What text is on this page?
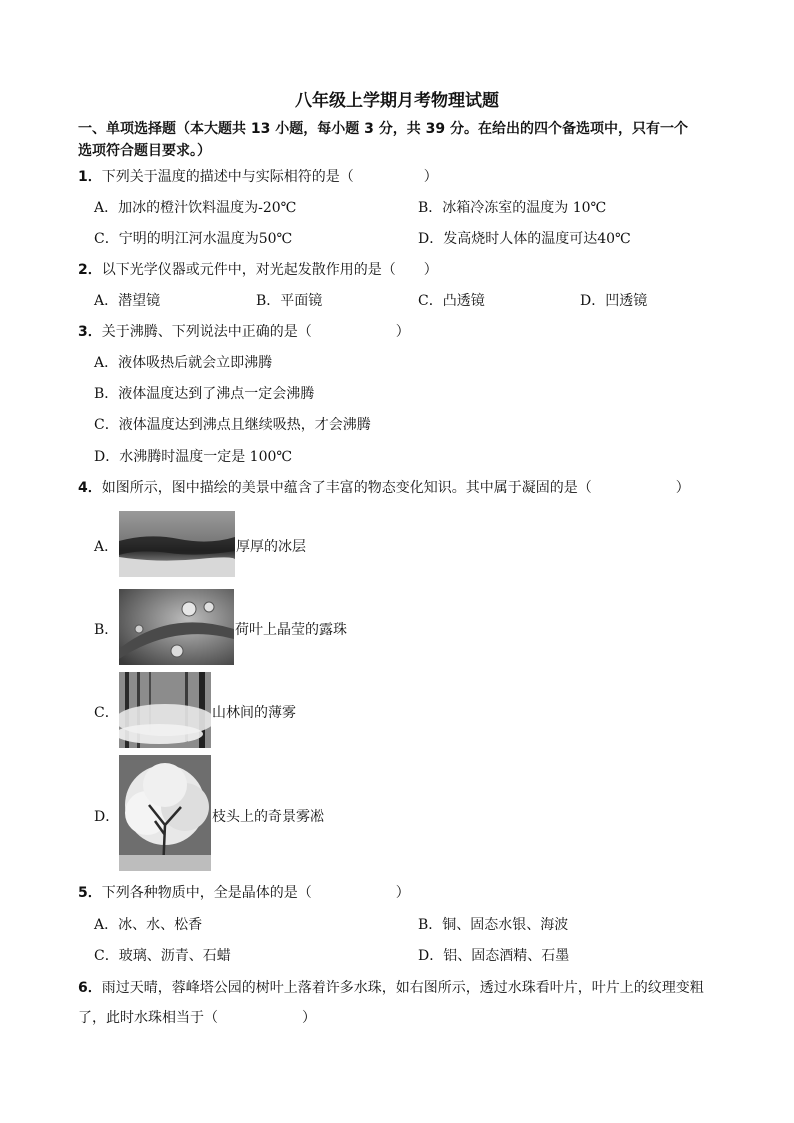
八年级上学期月考物理试题
一、单项选择题（本大题共 13 小题，每小题 3 分，共 39 分。在给出的四个备选项中，只有一个
选项符合题目要求。）
1．下列关于温度的描述中与实际相符的是（　　　　　）
A．加冰的橙汁饮料温度为-20℃	B．冰箱冷冻室的温度为 10℃
C．宁明的明江河水温度为50℃	D．发高烧时人体的温度可达40℃
2．以下光学仪器或元件中，对光起发散作用的是（　　）
A．潜望镜	B．平面镜	C．凸透镜	D．凹透镜
3．关于沸腾、下列说法中正确的是（　　　　　　）
A．液体吸热后就会立即沸腾
B．液体温度达到了沸点一定会沸腾
C．液体温度达到沸点且继续吸热，才会沸腾
D．水沸腾时温度一定是 100℃
4．如图所示，图中描绘的美景中蕴含了丰富的物态变化知识。其中属于凝固的是（　　　　　　）
A．	厚厚的冰层
B．	荷叶上晶莹的露珠
C．	山林间的薄雾
D．	枝头上的奇景雾凇
5．下列各种物质中，全是晶体的是（　　　　　　）
A．冰、水、松香	B．铜、固态水银、海波
C．玻璃、沥青、石蜡	D．铝、固态酒精、石墨
6．雨过天晴，蓉峰塔公园的树叶上落着许多水珠，如右图所示，透过水珠看叶片，叶片上的纹理变粗
了，此时水珠相当于（　　　　　　）
